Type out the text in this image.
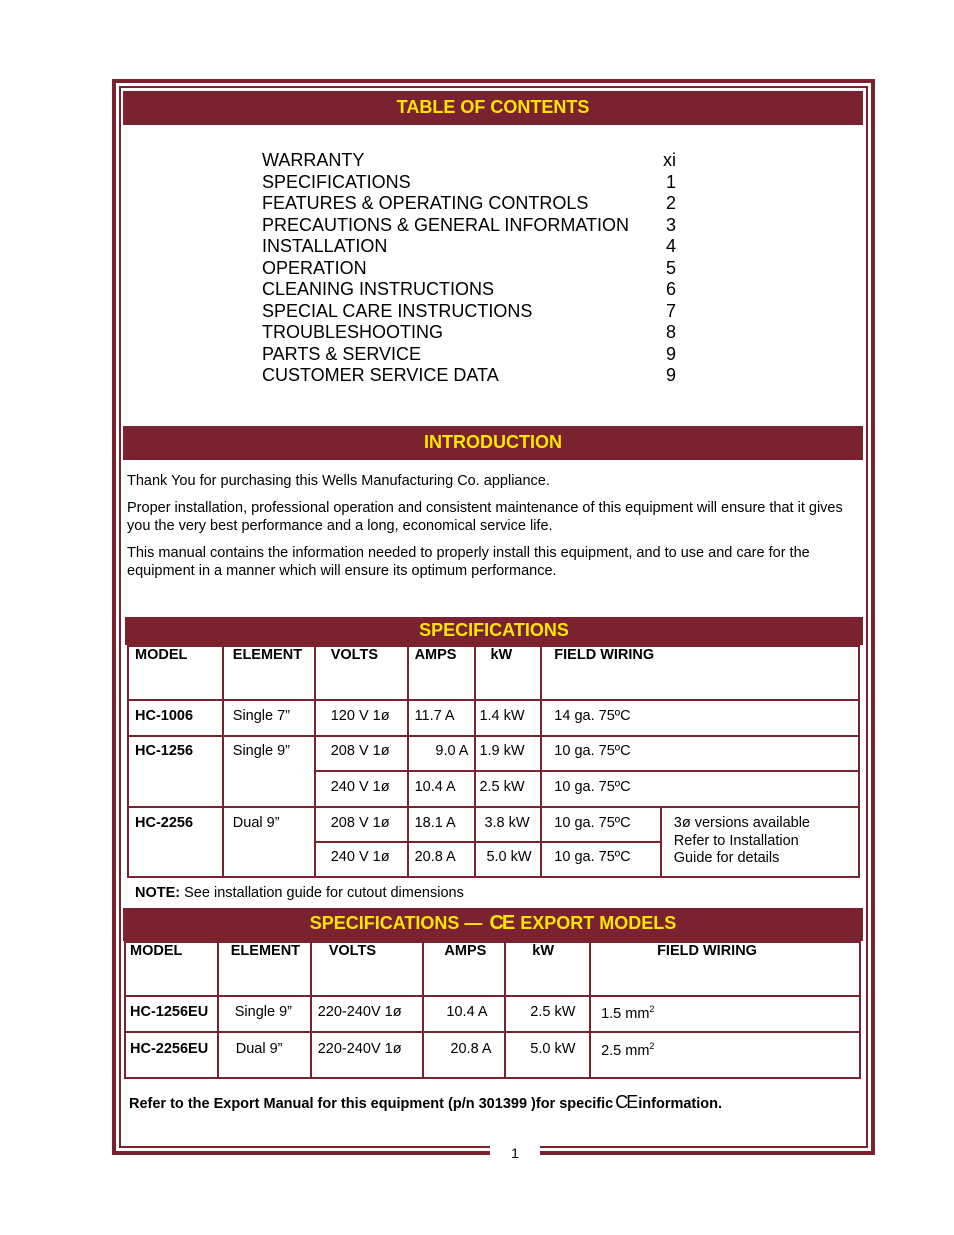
1
TABLE OF CONTENTS
WARRANTY	xi
SPECIFICATIONS	1
FEATURES & OPERATING CONTROLS	2
PRECAUTIONS & GENERAL INFORMATION 3
INSTALLATION	4
OPERATION	5
CLEANING INSTRUCTIONS	6
SPECIAL CARE INSTRUCTIONS	7
TROUBLESHOOTING	8
PARTS & SERVICE	9
CUSTOMER SERVICE DATA	9
INTRODUCTION

Thank You for purchasing this Wells Manufacturing Co. appliance.

Proper installation, professional operation and consistent maintenance of this equipment will ensure that it gives you the very best performance and a long, economical service life.

This manual contains the information needed to properly install this equipment, and to use and care for the equipment in a manner which will ensure its optimum performance.

SPECIFICATIONS
MODEL	ELEMENT	VOLTS	AMPS	kW	FIELD WIRING	
HC-1006	Single 7”	120 V 1ø	11.7 A	1.4 kW	14 ga. 75ºC	
HC-1256	Single 9”	208 V 1ø	9.0 A	1.9 kW	10 ga. 75ºC	
		240 V 1ø	10.4 A	2.5 kW	10 ga. 75ºC	
HC-2256	Dual 9”	208 V 1ø	18.1 A	3.8 kW	10 ga. 75ºC	3ø versions available
Refer to Installation
Guide for details

		240 V 1ø	20.8 A	5.0 kW	10 ga. 75ºC	
NOTE: See installation guide for cutout dimensions
SPECIFICATIONS — CE EXPORT MODELS
MODEL	ELEMENT	VOLTS	AMPS	kW	FIELD WIRING
HC-1256EU	Single 9”	220-240V 1ø	10.4 A	2.5 kW	1.5 $mm^2$
HC-2256EU	Dual 9”	220-240V 1ø	20.8 A	5.0 kW	2.5 $mm^2$
Refer to the Export Manual for this equipment (p/n 301399 )for specific CE information.
